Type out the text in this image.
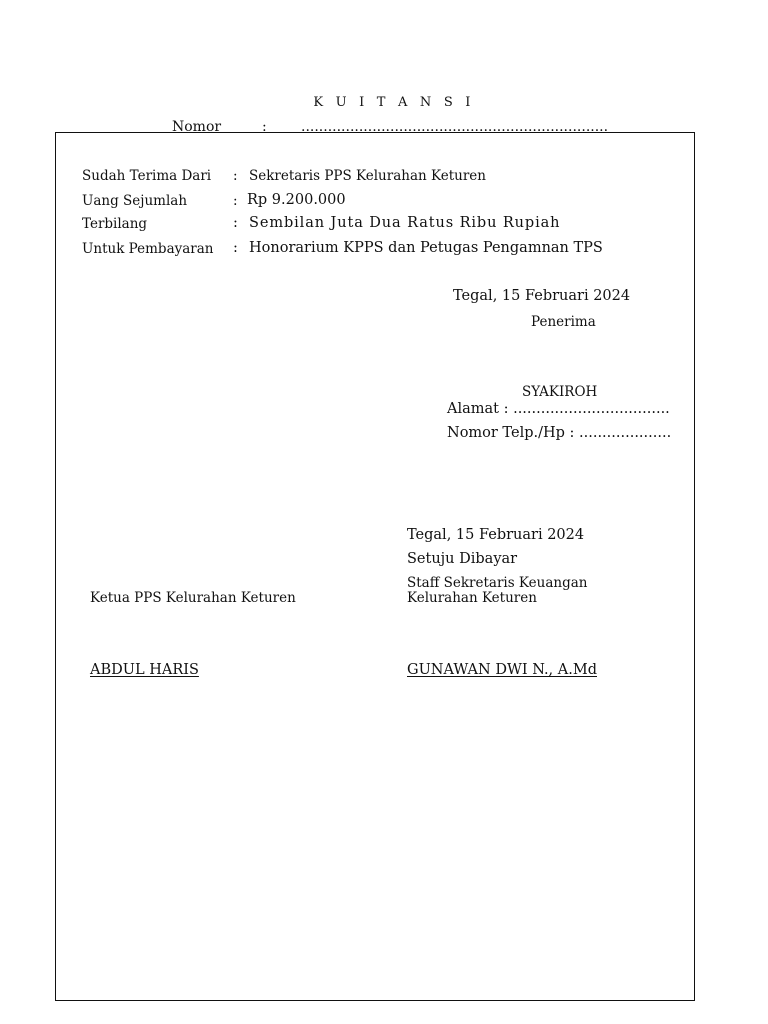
K U I T A N S I
Nomor	: .....................................................................
Sudah Terima Dari : Sekretaris PPS Kelurahan Keturen
Uang Sejumlah	: Rp 9.200.000
Terbilang	: Sembilan Juta Dua Ratus Ribu Rupiah
Untuk Pembayaran : Honorarium KPPS dan Petugas Pengamnan TPS
Tegal, 15 Februari 2024
Penerima
SYAKIROH
Alamat : ..................................
Nomor Telp./Hp : ....................
Tegal, 15 Februari 2024
Setuju Dibayar
Staff Sekretaris Keuangan
Kelurahan Keturen
Ketua PPS Kelurahan Keturen
ABDUL HARIS	GUNAWAN DWI N., A.Md
